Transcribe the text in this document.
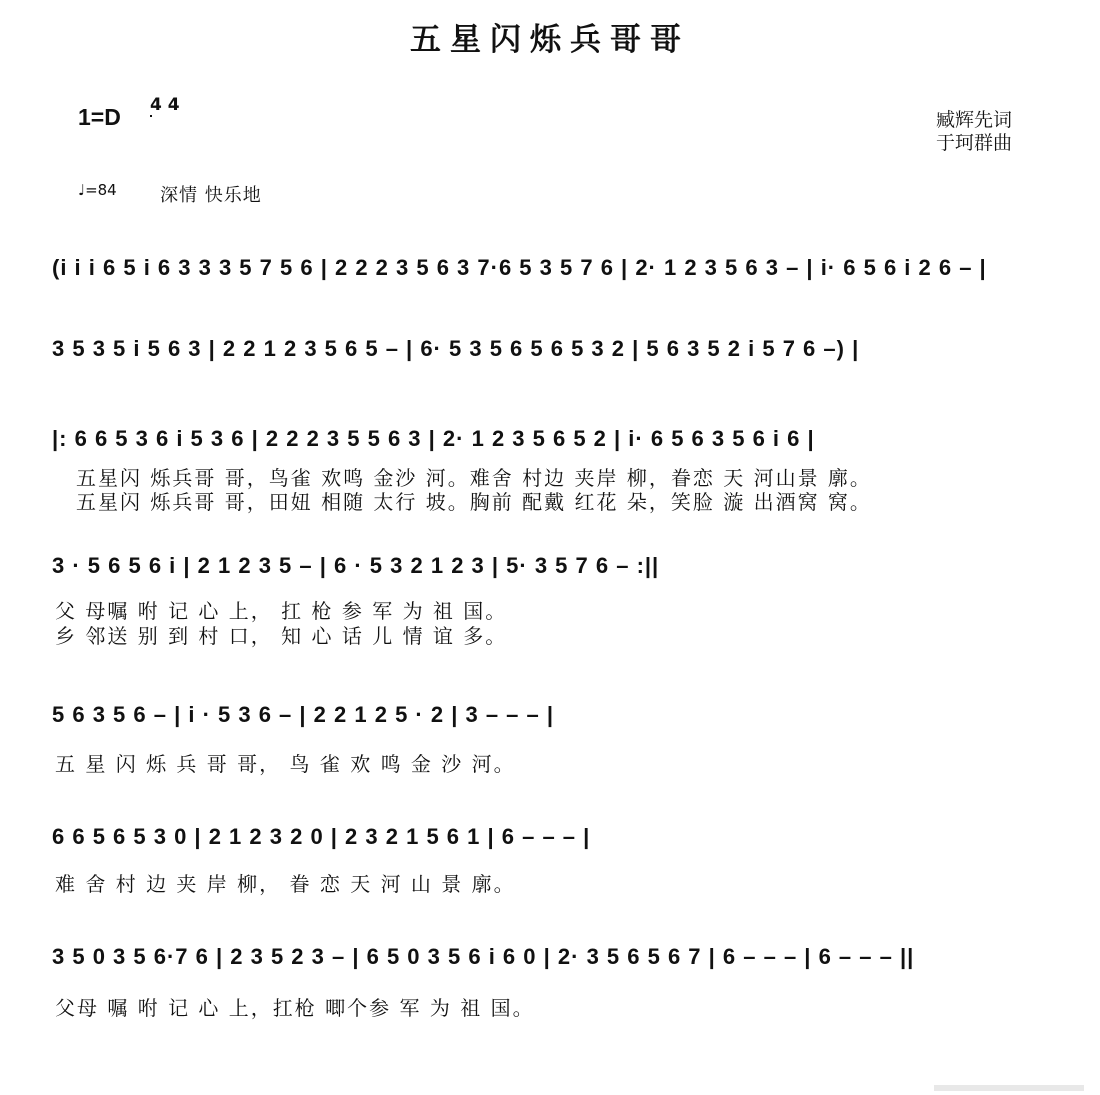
五星闪烁兵哥哥
1=D 4 4
臧辉先词
于珂群曲
♩=84 深情 快乐地
(i i i 6 5 i 6 3 3 3 5 7 5 6 | 2 2 2 3 5 6 3 7·6 5 3 5 7 6 | 2· 1 2 3 5 6 3 – | i· 6 5 6 i 2 6 – |
3 5 3 5 i 5 6 3 | 2 2 1 2 3 5 6 5 – | 6· 5 3 5 6 5 6 5 3 2 | 5 6 3 5 2 i 5 7 6 –) |
|: 6 6 5 3 6 i 5 3 6 | 2 2 2 3 5 5 6 3 | 2· 1 2 3 5 6 5 2 | i· 6 5 6 3 5 6 i 6 |
五星闪 烁兵哥 哥，鸟雀 欢鸣 金沙 河。难舍 村边 夹岸 柳，眷恋 天 河山景 廓。
五星闪 烁兵哥 哥，田妞 相随 太行 坡。胸前 配戴 红花 朵，笑脸 漩 出酒窝 窝。
3 · 5 6 5 6 i | 2 1 2 3 5 – | 6 · 5 3 2 1 2 3 | 5· 3 5 7 6 – :||
父 母嘱 咐 记 心 上， 扛 枪 参 军 为 祖 国。
乡 邻送 别 到 村 口， 知 心 话 儿 情 谊 多。
5 6 3 5 6 – | i · 5 3 6 – | 2 2 1 2 5 · 2 | 3 – – – |
五 星 闪 烁 兵 哥 哥， 鸟 雀 欢 鸣 金 沙 河。
6 6 5 6 5 3 0 | 2 1 2 3 2 0 | 2 3 2 1 5 6 1 | 6 – – – |
难 舍 村 边 夹 岸 柳， 眷 恋 天 河 山 景 廓。
3 5 0 3 5 6·7 6 | 2 3 5 2 3 – | 6 5 0 3 5 6 i 6 0 | 2· 3 5 6 5 6 7 | 6 – – – | 6 – – – ||
父母 嘱 咐 记 心 上，扛枪 唧个参 军 为 祖 国。
